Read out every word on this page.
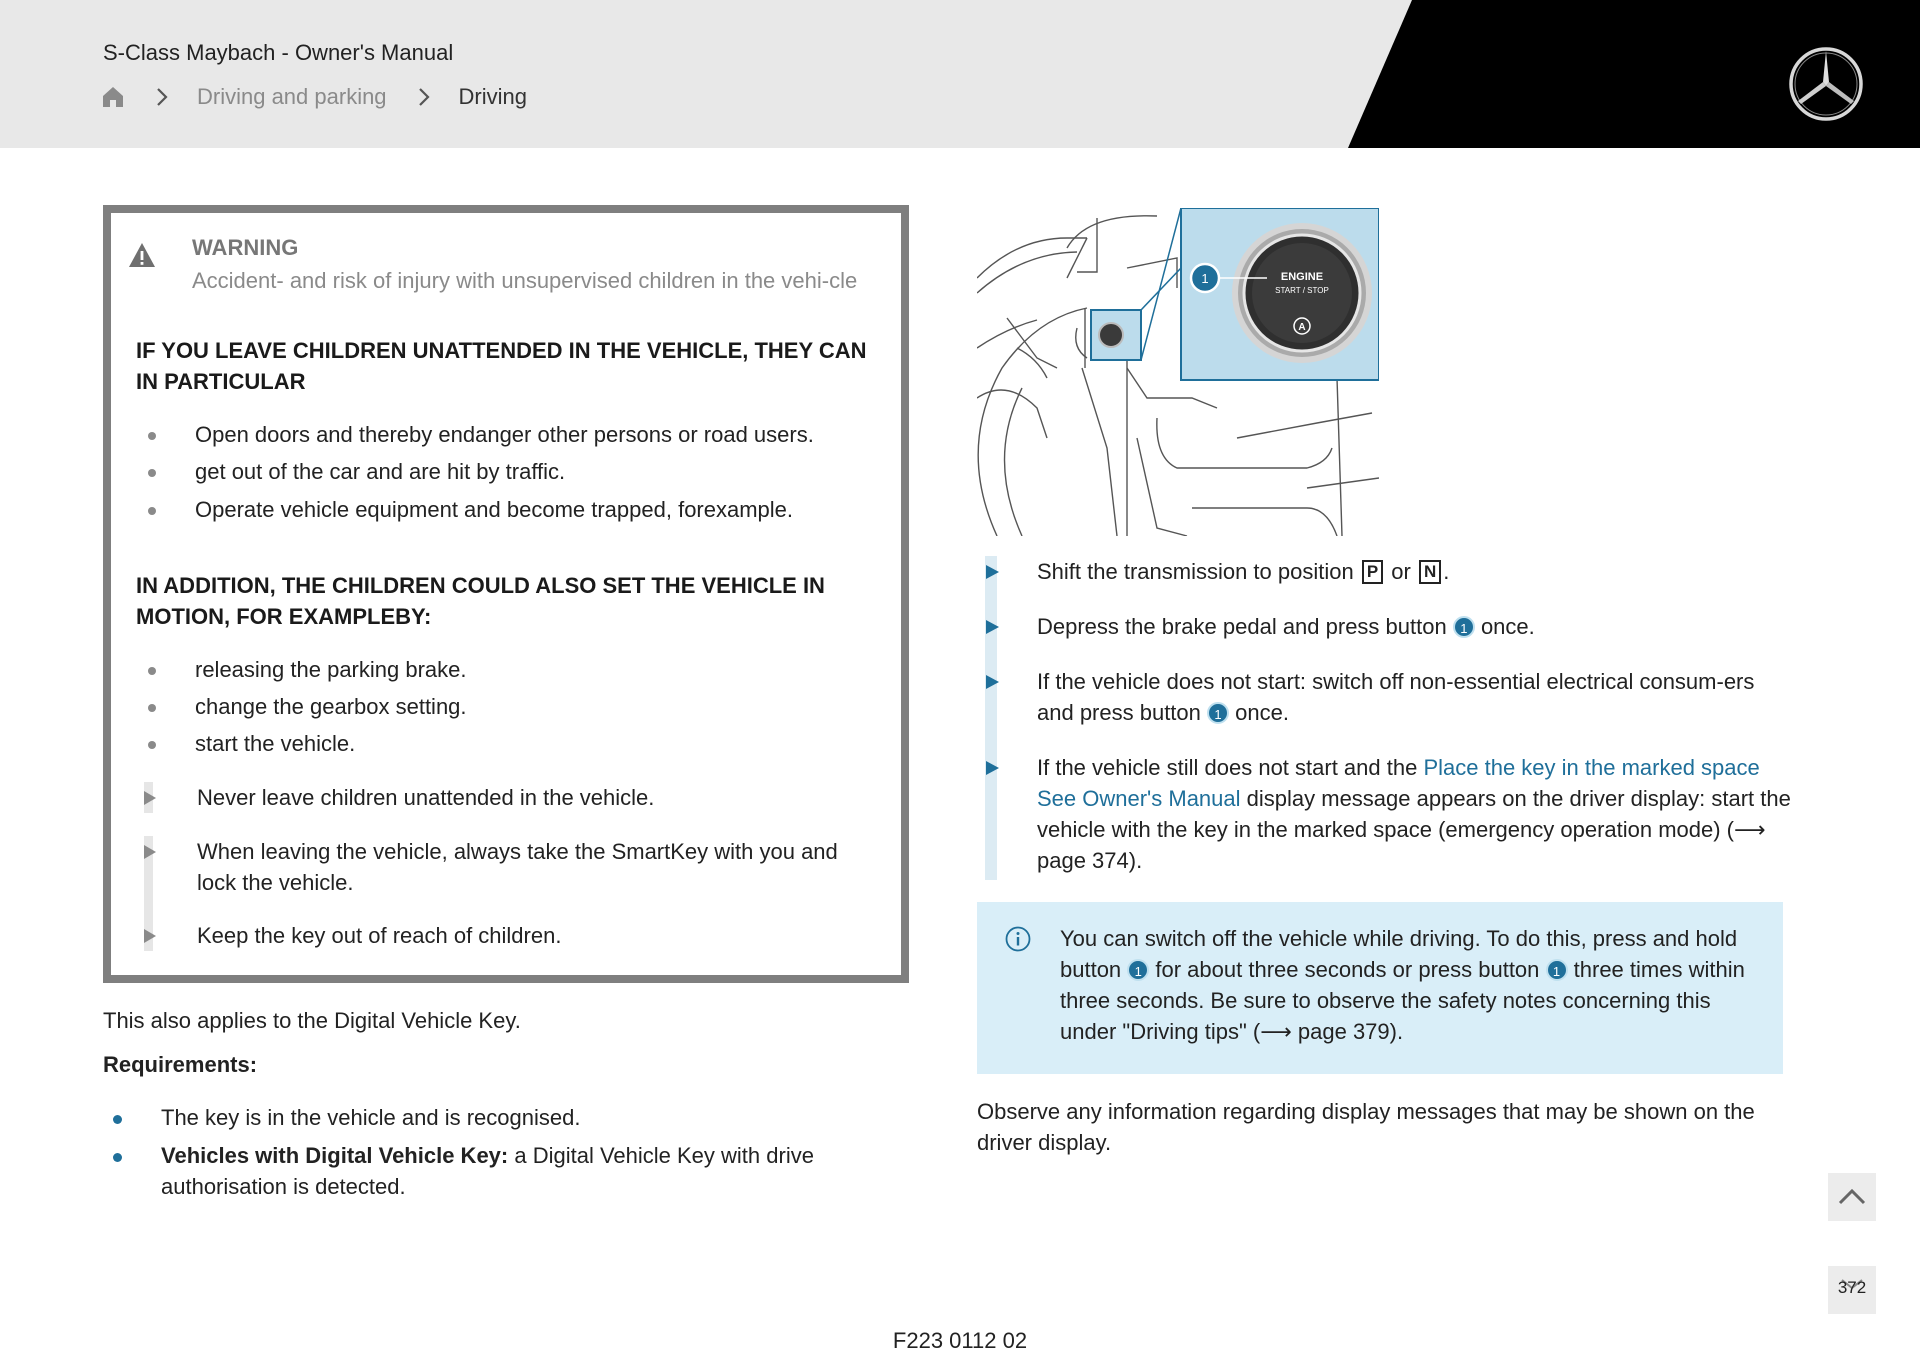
S-Class Maybach - Owner's Manual
Driving and parking	Driving
WARNING
Accident- and risk of injury with unsupervised children in the vehi-cle
IF YOU LEAVE CHILDREN UNATTENDED IN THE VEHICLE, THEY CAN IN PARTICULAR
Open doors and thereby endanger other persons or road users.
get out of the car and are hit by traffic.
Operate vehicle equipment and become trapped, forexample.
IN ADDITION, THE CHILDREN COULD ALSO SET THE VEHICLE IN MOTION, FOR EXAMPLEBY:
releasing the parking brake.
change the gearbox setting.
start the vehicle.
Never leave children unattended in the vehicle.
When leaving the vehicle, always take the SmartKey with you and lock the vehicle.
Keep the key out of reach of children.
This also applies to the Digital Vehicle Key.
Requirements:
The key is in the vehicle and is recognised.
Vehicles with Digital Vehicle Key: a Digital Vehicle Key with drive authorisation is detected.
ENGINE
START / STOP
A
1
Shift the transmission to position P or N .
Depress the brake pedal and press button 1 once.
If the vehicle does not start: switch off non-essential electrical consum-ers and press button 1 once.
If the vehicle still does not start and the Place the key in the marked space See Owner's Manual display message appears on the driver display: start the vehicle with the key in the marked space (emergency operation mode) (⟶ page 374).
You can switch off the vehicle while driving. To do this, press and hold button 1 for about three seconds or press button 1 three times within three seconds. Be sure to observe the safety notes concerning this under "Driving tips" (⟶ page 379).
Observe any information regarding display messages that may be shown on the driver display.
372
F223 0112 02
